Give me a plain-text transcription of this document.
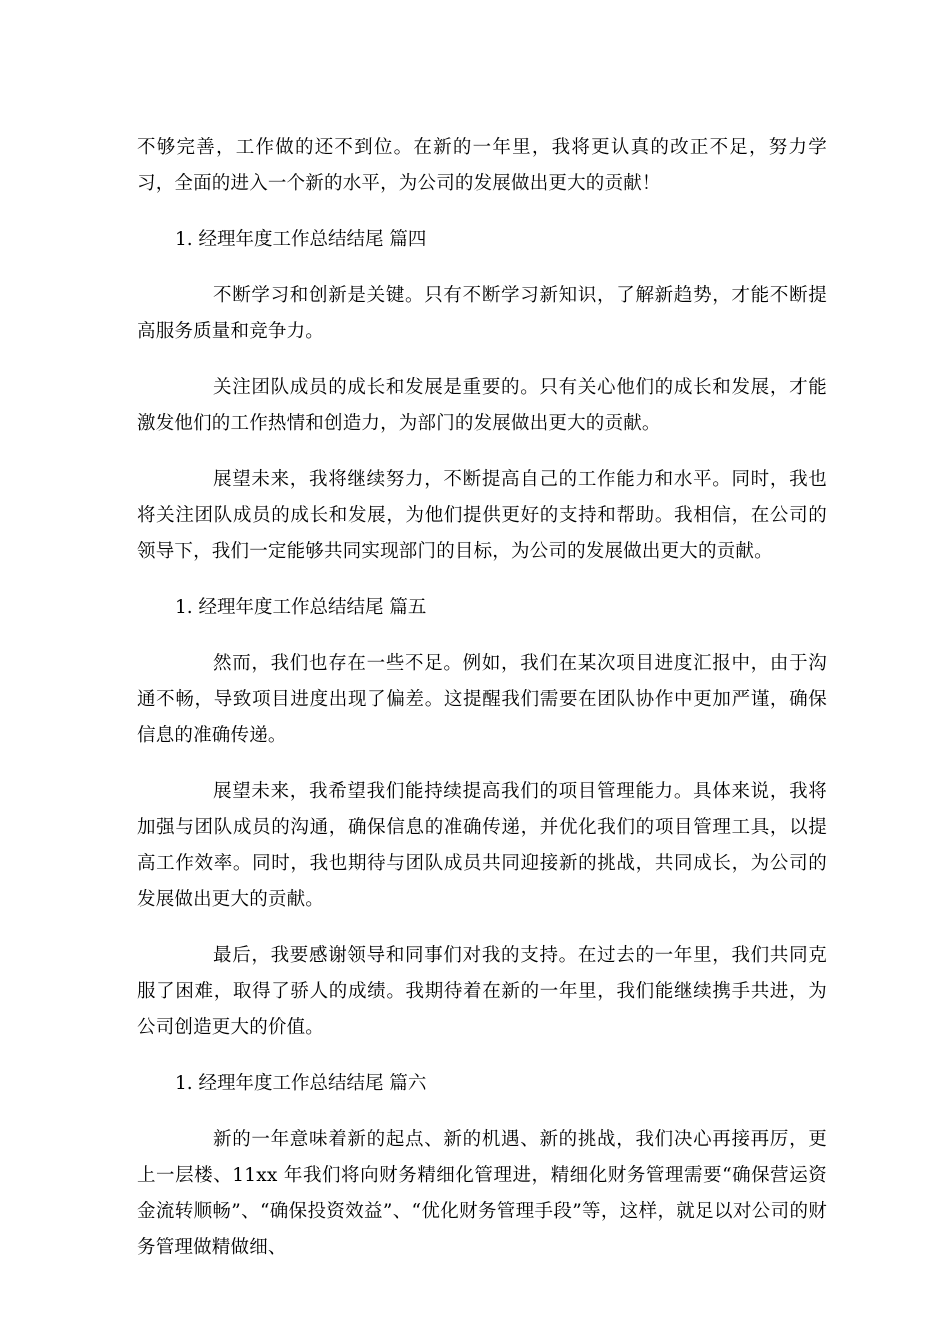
不够完善，工作做的还不到位。在新的一年里，我将更认真的改正不足，努力学习，全面的进入一个新的水平，为公司的发展做出更大的贡献！

1. 经理年度工作总结结尾 篇四

不断学习和创新是关键。只有不断学习新知识，了解新趋势，才能不断提高服务质量和竞争力。

关注团队成员的成长和发展是重要的。只有关心他们的成长和发展，才能激发他们的工作热情和创造力，为部门的发展做出更大的贡献。

展望未来，我将继续努力，不断提高自己的工作能力和水平。同时，我也将关注团队成员的成长和发展，为他们提供更好的支持和帮助。我相信，在公司的领导下，我们一定能够共同实现部门的目标，为公司的发展做出更大的贡献。

1. 经理年度工作总结结尾 篇五

然而，我们也存在一些不足。例如，我们在某次项目进度汇报中，由于沟通不畅，导致项目进度出现了偏差。这提醒我们需要在团队协作中更加严谨，确保信息的准确传递。

展望未来，我希望我们能持续提高我们的项目管理能力。具体来说，我将加强与团队成员的沟通，确保信息的准确传递，并优化我们的项目管理工具，以提高工作效率。同时，我也期待与团队成员共同迎接新的挑战，共同成长，为公司的发展做出更大的贡献。

最后，我要感谢领导和同事们对我的支持。在过去的一年里，我们共同克服了困难，取得了骄人的成绩。我期待着在新的一年里，我们能继续携手共进，为公司创造更大的价值。

1. 经理年度工作总结结尾 篇六

新的一年意味着新的起点、新的机遇、新的挑战，我们决心再接再厉，更上一层楼、11xx 年我们将向财务精细化管理进，精细化财务管理需要“确保营运资金流转顺畅”、“确保投资效益”、“优化财务管理手段”等，这样，就足以对公司的财务管理做精做细、
